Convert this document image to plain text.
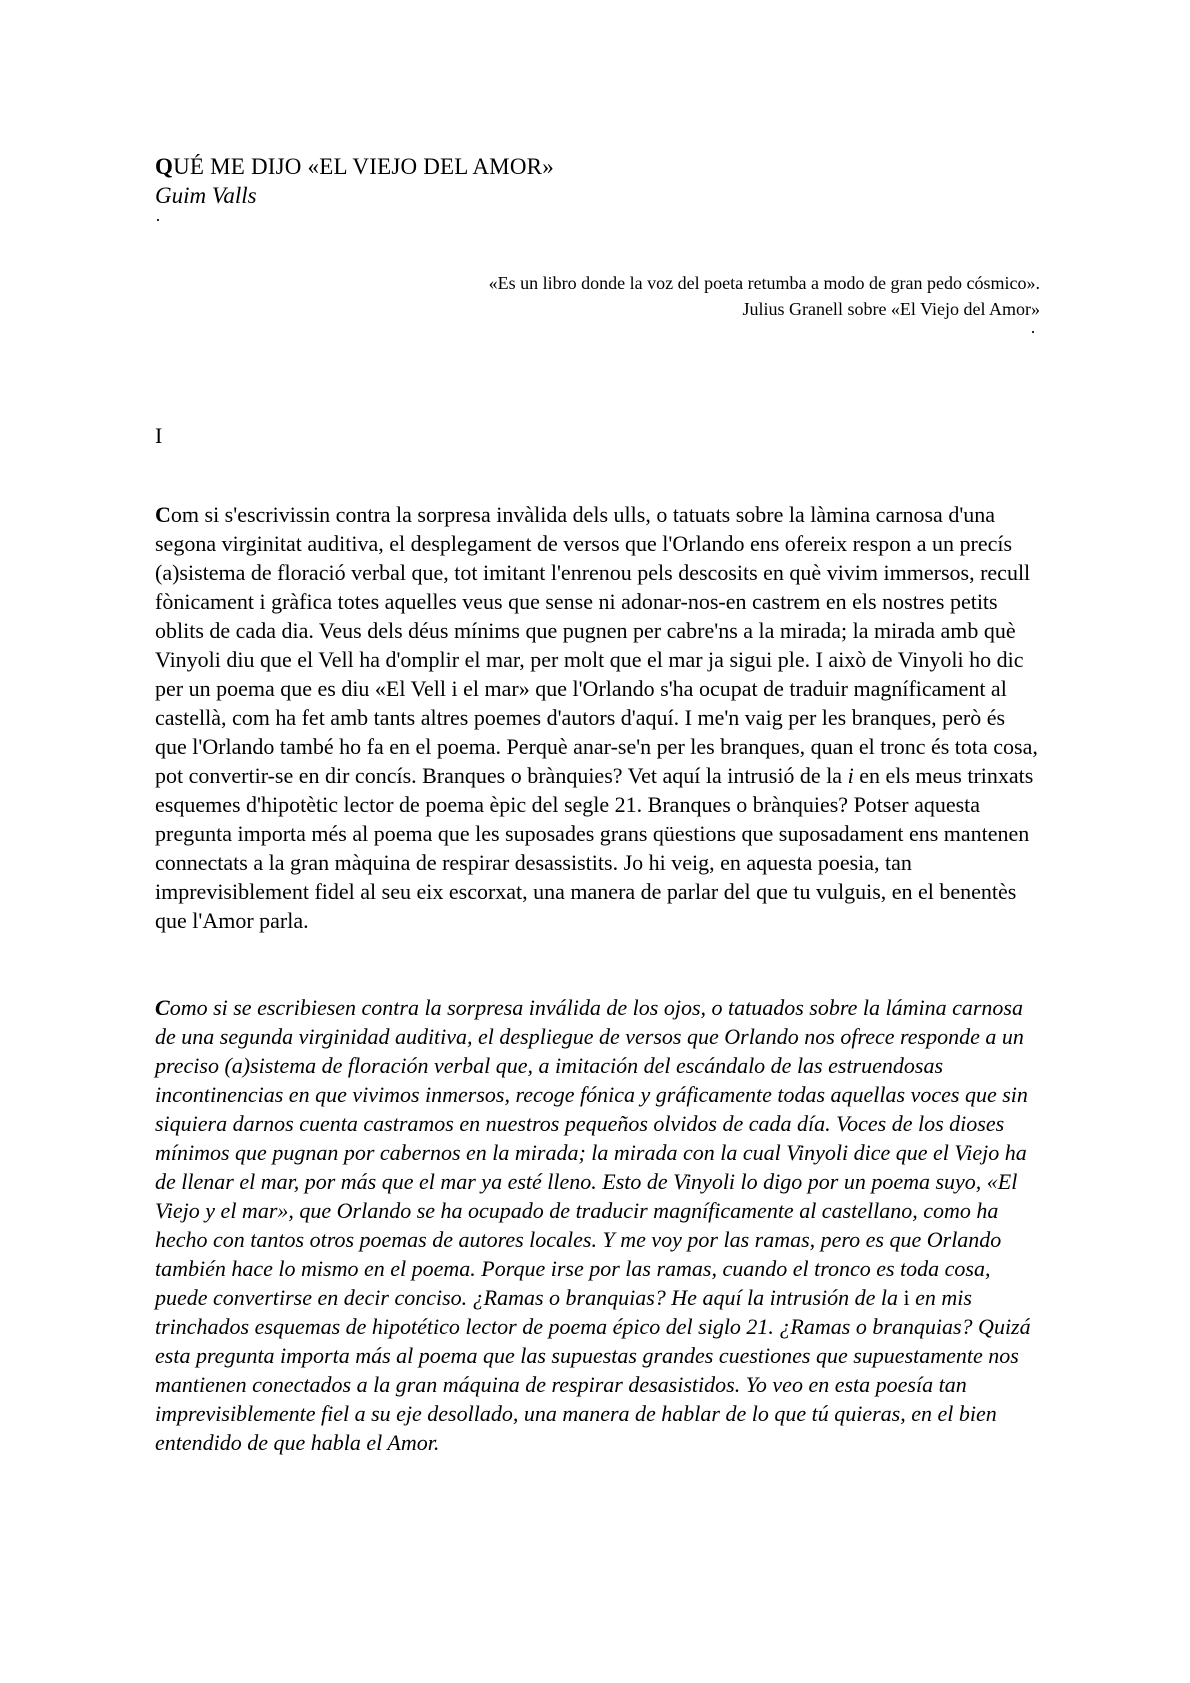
QUÉ ME DIJO «EL VIEJO DEL AMOR»
Guim Valls
·
«Es un libro donde la voz del poeta retumba a modo de gran pedo cósmico».
Julius Granell sobre «El Viejo del Amor»
·
I
Com si s'escrivissin contra la sorpresa invàlida dels ulls, o tatuats sobre la làmina carnosa d'una segona virginitat auditiva, el desplegament de versos que l'Orlando ens ofereix respon a un precís (a)sistema de floració verbal que, tot imitant l'enrenou pels descosits en què vivim immersos, recull fònicament i gràfica totes aquelles veus que sense ni adonar-nos-en castrem en els nostres petits oblits de cada dia. Veus dels déus mínims que pugnen per cabre'ns a la mirada; la mirada amb què Vinyoli diu que el Vell ha d'omplir el mar, per molt que el mar ja sigui ple. I això de Vinyoli ho dic per un poema que es diu «El Vell i el mar» que l'Orlando s'ha ocupat de traduir magníficament al castellà, com ha fet amb tants altres poemes d'autors d'aquí. I me'n vaig per les branques, però és que l'Orlando també ho fa en el poema. Perquè anar-se'n per les branques, quan el tronc és tota cosa, pot convertir-se en dir concís. Branques o brànquies? Vet aquí la intrusió de la i en els meus trinxats esquemes d'hipotètic lector de poema èpic del segle 21. Branques o brànquies? Potser aquesta pregunta importa més al poema que les suposades grans qüestions que suposadament ens mantenen connectats a la gran màquina de respirar desassistits. Jo hi veig, en aquesta poesia, tan imprevisiblement fidel al seu eix escorxat, una manera de parlar del que tu vulguis, en el benentès que l'Amor parla.
Como si se escribiesen contra la sorpresa inválida de los ojos, o tatuados sobre la lámina carnosa de una segunda virginidad auditiva, el despliegue de versos que Orlando nos ofrece responde a un preciso (a)sistema de floración verbal que, a imitación del escándalo de las estruendosas incontinencias en que vivimos inmersos, recoge fónica y gráficamente todas aquellas voces que sin siquiera darnos cuenta castramos en nuestros pequeños olvidos de cada día. Voces de los dioses mínimos que pugnan por cabernos en la mirada; la mirada con la cual Vinyoli dice que el Viejo ha de llenar el mar, por más que el mar ya esté lleno. Esto de Vinyoli lo digo por un poema suyo, «El Viejo y el mar», que Orlando se ha ocupado de traducir magníficamente al castellano, como ha hecho con tantos otros poemas de autores locales. Y me voy por las ramas, pero es que Orlando también hace lo mismo en el poema. Porque irse por las ramas, cuando el tronco es toda cosa, puede convertirse en decir conciso. ¿Ramas o branquias? He aquí la intrusión de la i en mis trinchados esquemas de hipotético lector de poema épico del siglo 21. ¿Ramas o branquias? Quizá esta pregunta importa más al poema que las supuestas grandes cuestiones que supuestamente nos mantienen conectados a la gran máquina de respirar desasistidos. Yo veo en esta poesía tan imprevisiblemente fiel a su eje desollado, una manera de hablar de lo que tú quieras, en el bien entendido de que habla el Amor.
